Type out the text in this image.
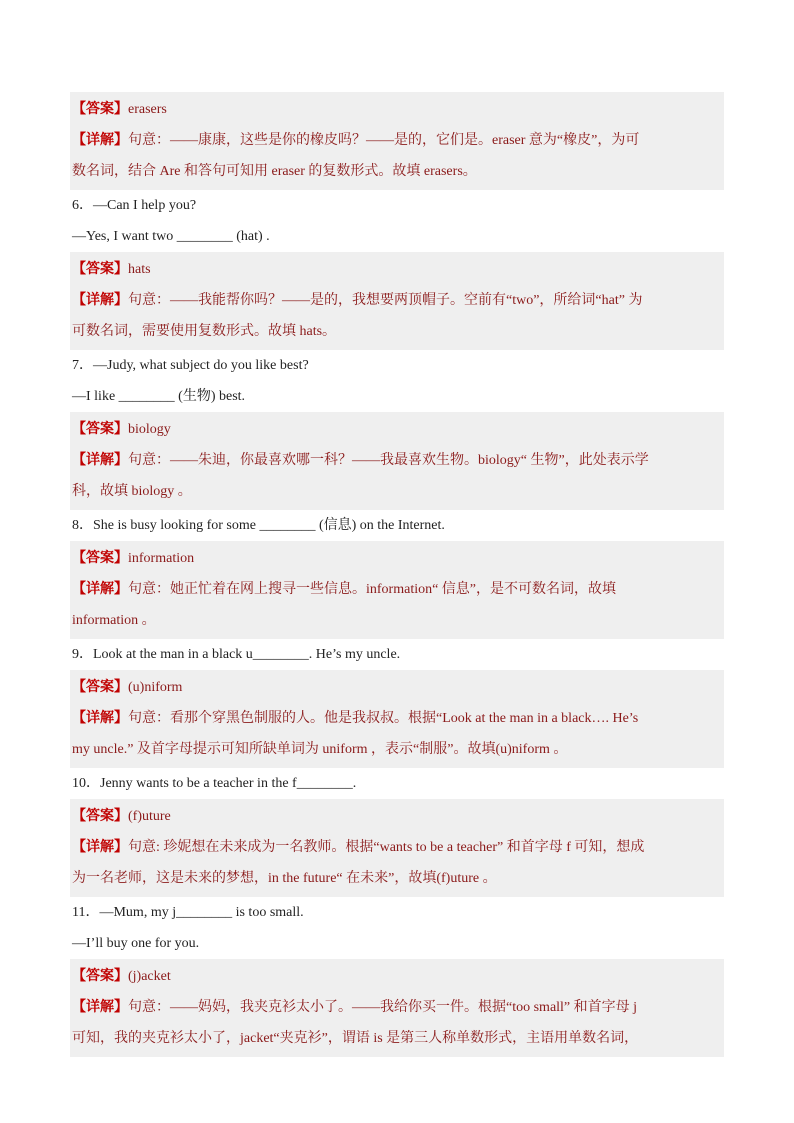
【答案】erasers
【详解】句意：——康康，这些是你的橡皮吗？——是的，它们是。eraser 意为“橡皮”，为可
数名词，结合 Are 和答句可知用 eraser 的复数形式。故填 erasers。
6．—Can I help you?
—Yes, I want two ________ (hat) .
【答案】hats
【详解】句意：——我能帮你吗？——是的，我想要两顶帽子。空前有“two”，所给词“hat” 为
可数名词，需要使用复数形式。故填 hats。
7．—Judy, what subject do you like best?
—I like ________ (生物) best.
【答案】biology
【详解】句意：——朱迪，你最喜欢哪一科？——我最喜欢生物。biology“ 生物”，此处表示学
科，故填 biology 。
8．She is busy looking for some ________ (信息) on the Internet.
【答案】information
【详解】句意：她正忙着在网上搜寻一些信息。information“ 信息”，是不可数名词，故填
information 。
9．Look at the man in a black u________. He’s my uncle.
【答案】(u)niform
【详解】句意：看那个穿黑色制服的人。他是我叔叔。根据“Look at the man in a black…. He’s
my uncle.” 及首字母提示可知所缺单词为 uniform ，表示“制服”。故填(u)niform 。
10．Jenny wants to be a teacher in the f________.
【答案】(f)uture
【详解】句意: 珍妮想在未来成为一名教师。根据“wants to be a teacher” 和首字母 f 可知，想成
为一名老师，这是未来的梦想，in the future“ 在未来”，故填(f)uture 。
11．—Mum, my j________ is too small.
—I’ll buy one for you.
【答案】(j)acket
【详解】句意：——妈妈，我夹克衫太小了。——我给你买一件。根据“too small” 和首字母 j
可知，我的夹克衫太小了，jacket“夹克衫”，谓语 is 是第三人称单数形式，主语用单数名词，
